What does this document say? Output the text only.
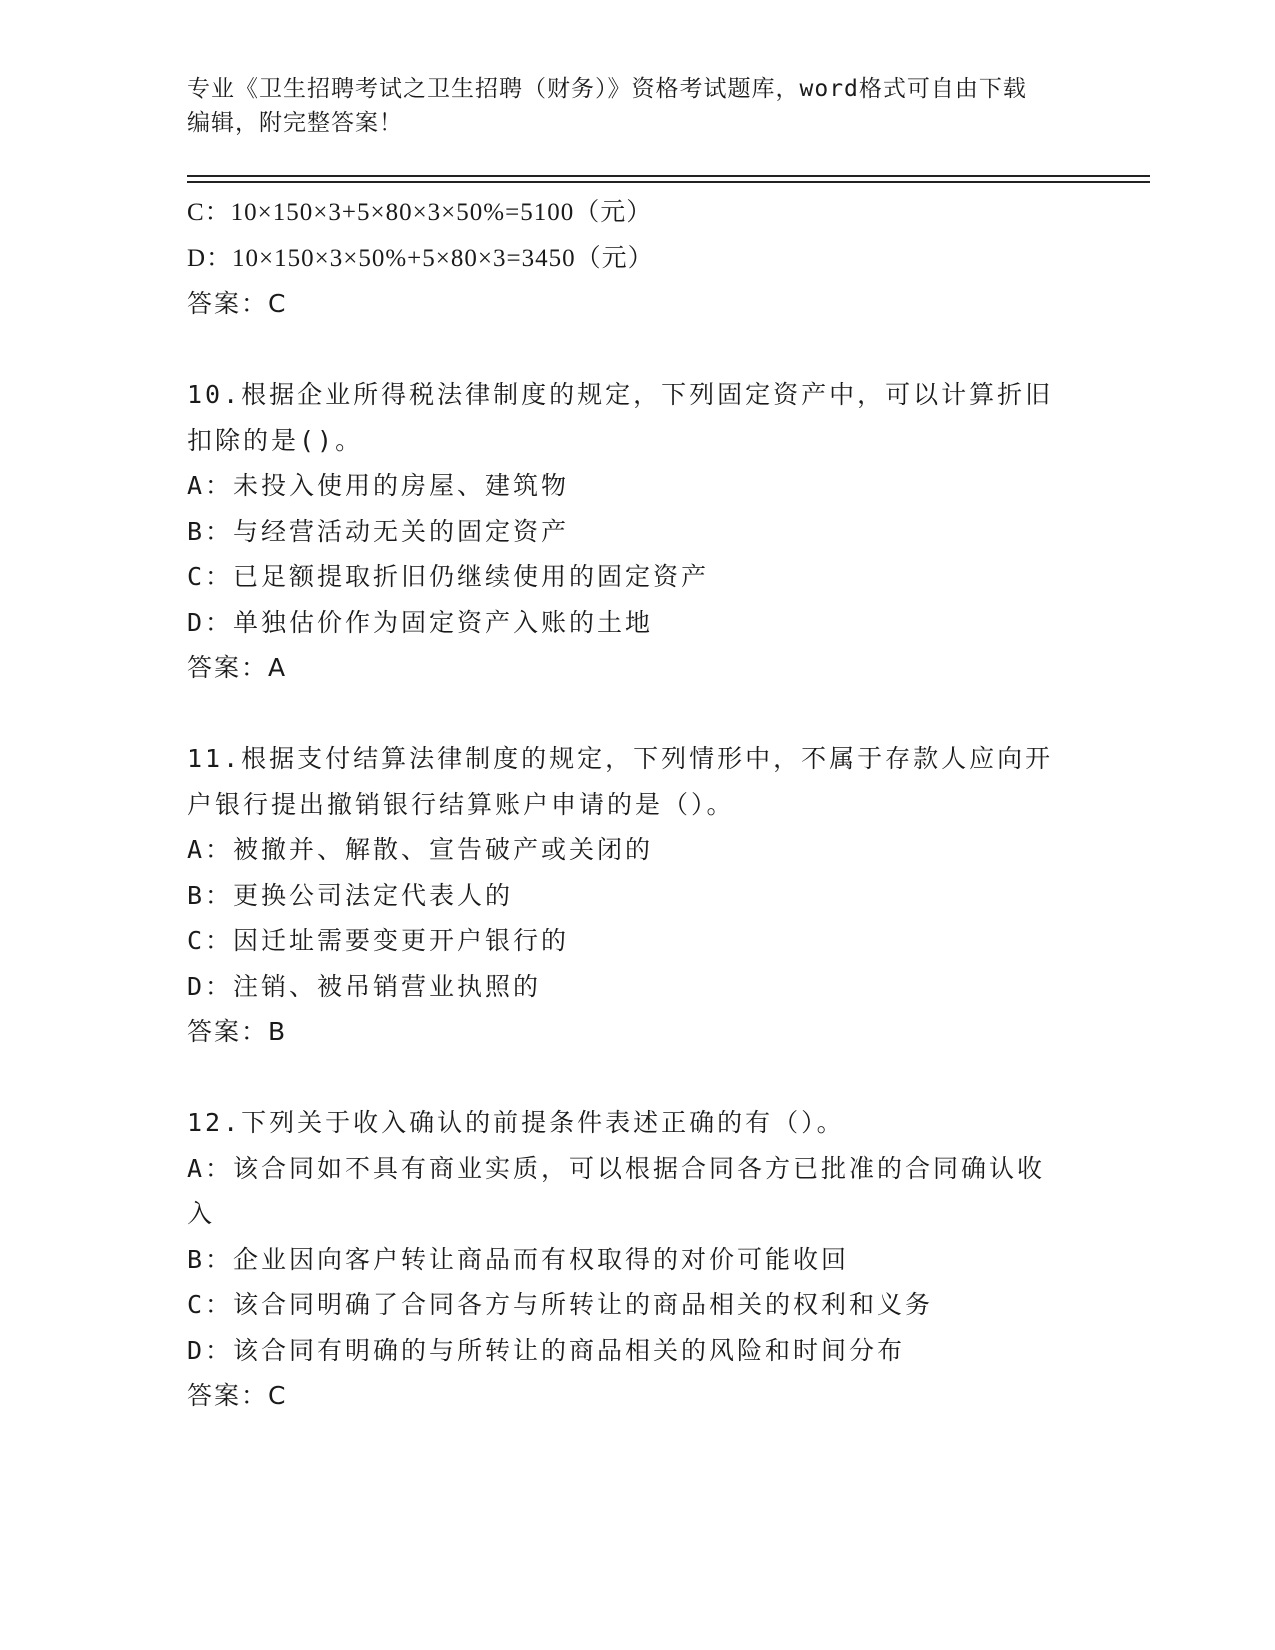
专业《卫生招聘考试之卫生招聘（财务）》资格考试题库，word格式可自由下载
编辑，附完整答案！
C：10×150×3+5×80×3×50%=5100（元）
D：10×150×3×50%+5×80×3=3450（元）
答案：C
10.根据企业所得税法律制度的规定，下列固定资产中，可以计算折旧
扣除的是()。
A：未投入使用的房屋、建筑物
B：与经营活动无关的固定资产
C：已足额提取折旧仍继续使用的固定资产
D：单独估价作为固定资产入账的土地
答案：A
11.根据支付结算法律制度的规定，下列情形中，不属于存款人应向开
户银行提出撤销银行结算账户申请的是（）。
A：被撤并、解散、宣告破产或关闭的
B：更换公司法定代表人的
C：因迁址需要变更开户银行的
D：注销、被吊销营业执照的
答案：B
12.下列关于收入确认的前提条件表述正确的有（）。
A：该合同如不具有商业实质，可以根据合同各方已批准的合同确认收
入
B：企业因向客户转让商品而有权取得的对价可能收回
C：该合同明确了合同各方与所转让的商品相关的权利和义务
D：该合同有明确的与所转让的商品相关的风险和时间分布
答案：C
